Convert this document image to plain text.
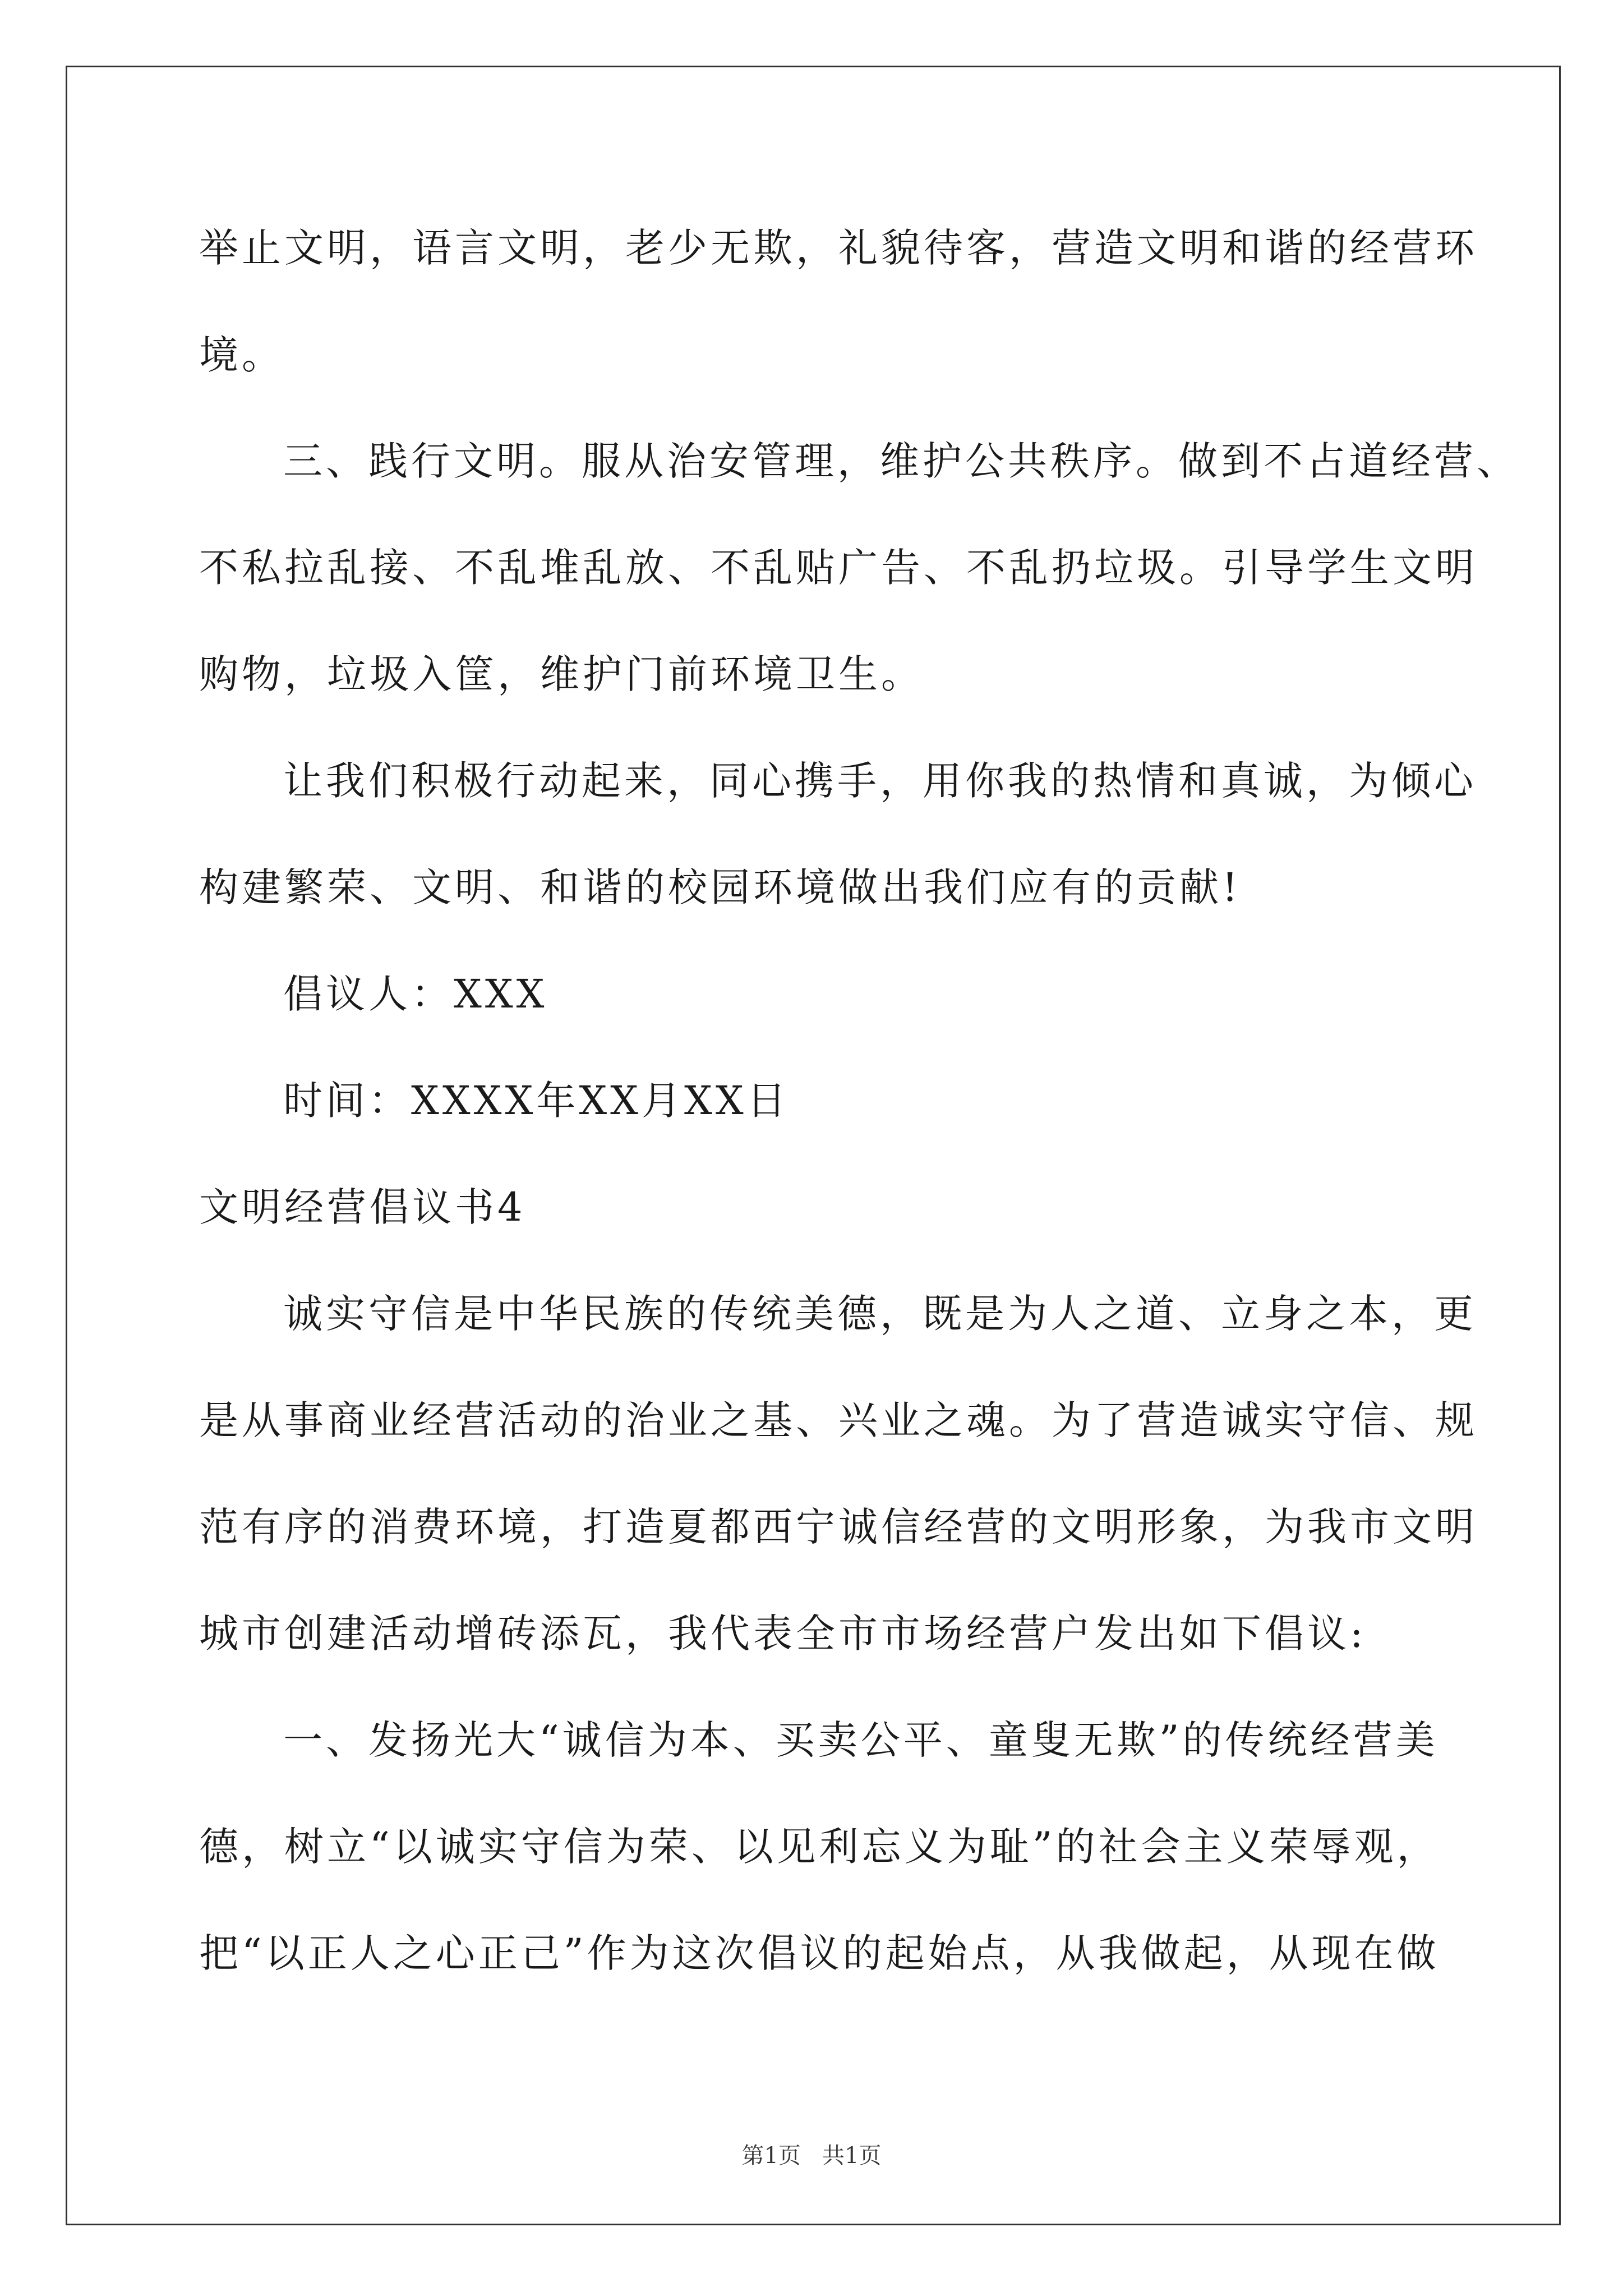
举止文明，语言文明，老少无欺，礼貌待客，营造文明和谐的经营环
境。
三、践行文明。服从治安管理，维护公共秩序。做到不占道经营、
不私拉乱接、不乱堆乱放、不乱贴广告、不乱扔垃圾。引导学生文明
购物，垃圾入筐，维护门前环境卫生。
让我们积极行动起来，同心携手，用你我的热情和真诚，为倾心
构建繁荣、文明、和谐的校园环境做出我们应有的贡献!
倡议人：XXX
时间：XXXX年XX月XX日
文明经营倡议书4
诚实守信是中华民族的传统美德，既是为人之道、立身之本，更
是从事商业经营活动的治业之基、兴业之魂。为了营造诚实守信、规
范有序的消费环境，打造夏都西宁诚信经营的文明形象，为我市文明
城市创建活动增砖添瓦，我代表全市市场经营户发出如下倡议:
一、发扬光大“诚信为本、买卖公平、童叟无欺”的传统经营美
德，树立“以诚实守信为荣、以见利忘义为耻”的社会主义荣辱观，
把“以正人之心正己”作为这次倡议的起始点，从我做起，从现在做
第1页   共1页
